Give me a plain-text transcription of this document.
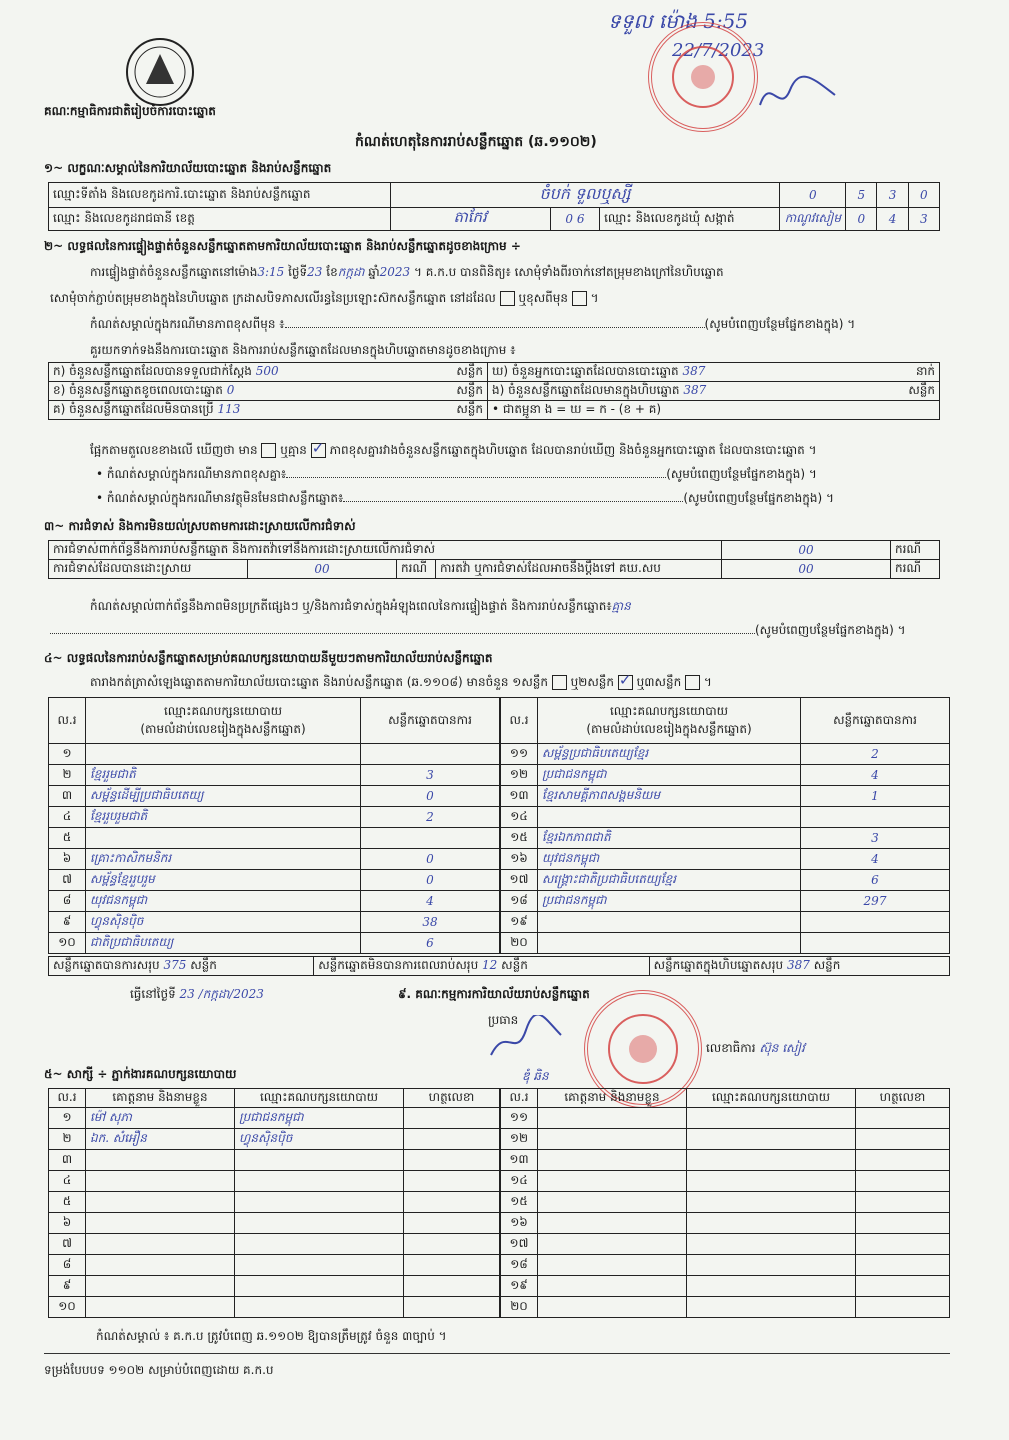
ទទួល ម៉ោង 5:55
22/7/2023
គណៈកម្មាធិការជាតិរៀបចំការបោះឆ្នោត
កំណត់ហេតុនៃការរាប់សន្លឹកឆ្នោត (ឆ.១១០២)
១~ លក្ខណៈសម្គាល់នៃការិយាល័យបោះឆ្នោត និងរាប់សន្លឹកឆ្នោត
ឈ្មោះទីតាំង និងលេខកូដការិ.បោះឆ្នោត និងរាប់សន្លឹកឆ្នោត	ចំបក់ ទួលឬស្សី			0	5	3	0
ឈ្មោះ និងលេខកូដរាជធានី ខេត្ត	តាកែវ	0 6	ឈ្មោះ និងលេខកូដឃុំ សង្កាត់	កាណូវសៀម	0	4	3
២~ លទ្ធផលនៃការផ្ទៀងផ្ទាត់ចំនួនសន្លឹកឆ្នោតតាមការិយាល័យបោះឆ្នោត និងរាប់សន្លឹកឆ្នោតដូចខាងក្រោម ÷
ការផ្ទៀងផ្ទាត់ចំនួនសន្លឹកឆ្នោតនៅម៉ោង3:15 ថ្ងៃទី23 ខែកក្កដា ឆ្នាំ2023 ។ គ.ក.ប បានពិនិត្យ៖ សោមុំទាំងពីរចាក់នៅតម្រុមខាងក្រៅនៃហិបឆ្នោត
សោមុំចាក់ភ្ជាប់តម្រុមខាងក្នុងនៃហិបឆ្នោត ក្រដាសបិទភាសលើរន្ធនៃប្រឡោះស៊កសន្លឹកឆ្នោត នៅដដែល ឬខុសពីមុន  ។
កំណត់សម្គាល់ក្នុងករណីមានភាពខុសពីមុន ៖	(សូមបំពេញបន្ថែមផ្នែកខាងក្នុង) ។
គួរយកទាក់ទងនឹងការបោះឆ្នោត និងការរាប់សន្លឹកឆ្នោតដែលមានក្នុងហិបឆ្នោតមានដូចខាងក្រោម ៖
ក) ចំនួនសន្លឹកឆ្នោតដែលបានទទួលជាក់ស្តែង 500 សន្លឹក	ឃ) ចំនួនអ្នកបោះឆ្នោតដែលបានបោះឆ្នោត 387 នាក់

ខ) ចំនួនសន្លឹកឆ្នោតខូចពេលបោះឆ្នោត 0 សន្លឹក	ង) ចំនួនសន្លឹកឆ្នោតដែលមានក្នុងហិបឆ្នោត 387 សន្លឹក

គ) ចំនួនសន្លឹកឆ្នោតដែលមិនបានប្រើ 113 សន្លឹក	• ជាតម្អូនា ង = ឃ = ក - (ខ + គ)
ផ្អែកតាមតួលេខខាងលើ ឃើញថា មាន ឬគ្មាន ✓ ភាពខុសគ្នារវាងចំនួនសន្លឹកឆ្នោតក្នុងហិបឆ្នោត ដែលបានរាប់ឃើញ និងចំនួនអ្នកបោះឆ្នោត ដែលបានបោះឆ្នោត ។
• កំណត់សម្គាល់ក្នុងករណីមានភាពខុសគ្នា៖	(សូមបំពេញបន្ថែមផ្នែកខាងក្នុង) ។
• កំណត់សម្គាល់ក្នុងករណីមានវត្ថុមិនមែនជាសន្លឹកឆ្នោត៖	(សូមបំពេញបន្ថែមផ្នែកខាងក្នុង) ។
៣~ ការជំទាស់ និងការមិនយល់ស្របតាមការដោះស្រាយលើការជំទាស់
ការជំទាស់ពាក់ព័ន្ធនឹងការរាប់សន្លឹកឆ្នោត និងការតវ៉ាទៅនឹងការដោះស្រាយលើការជំទាស់				00	ករណី
ការជំទាស់ដែលបានដោះស្រាយ	00	ករណី	ការតវ៉ា ឬការជំទាស់ដែលអាចនឹងប្តឹងទៅ គឃ.សប	00	ករណី
កំណត់សម្គាល់ពាក់ព័ន្ធនឹងភាពមិនប្រក្រតីផ្សេងៗ ឬ/និងការជំទាស់ក្នុងអំឡុងពេលនៃការផ្ទៀងផ្ទាត់ និងការរាប់សន្លឹកឆ្នោត៖គ្មាន
(សូមបំពេញបន្ថែមផ្នែកខាងក្នុង) ។
៤~ លទ្ធផលនៃការរាប់សន្លឹកឆ្នោតសម្រាប់គណបក្សនយោបាយនីមួយៗតាមការិយាល័យរាប់សន្លឹកឆ្នោត
តារាងកត់ត្រាសំឡេងឆ្នោតតាមការិយាល័យបោះឆ្នោត និងរាប់សន្លឹកឆ្នោត (ឆ.១១០៨) មានចំនួន ១សន្លឹក ឬ២សន្លឹក ✓ ឬ៣សន្លឹក  ។
ល.រ	ឈ្មោះគណបក្សនយោបាយ
(តាមលំដាប់លេខរៀងក្នុងសន្លឹកឆ្នោត)	សន្លឹកឆ្នោតបានការ
១		
២	ខ្មែររួមជាតិ	3
៣	សម្ព័ន្ធដើម្បីប្រជាធិបតេយ្យ	0
៤	ខ្មែររួបរួមជាតិ	2
៥		
៦	គ្រោះកាសិកមនិករ	0
៧	សម្ព័ន្ធខ្មែររួបរួម	0
៨	យុវជនកម្ពុជា	4
៩	ហ្វុនស៊ិនប៉ិច	38
១០	ជាតិប្រជាធិបតេយ្យ	6
ល.រ	ឈ្មោះគណបក្សនយោបាយ
(តាមលំដាប់លេខរៀងក្នុងសន្លឹកឆ្នោត)	សន្លឹកឆ្នោតបានការ
១១	សម្ព័ន្ធប្រជាធិបតេយ្យខ្មែរ	2
១២	ប្រជាជនកម្ពុជា	4
១៣	ខ្មែរសាមគ្គីភាពសង្គមនិយម	1
១៤		
១៥	ខ្មែរឯកភាពជាតិ	3
១៦	យុវជនកម្ពុជា	4
១៧	សង្គ្រោះជាតិប្រជាធិបតេយ្យខ្មែរ	6
១៨	ប្រជាជនកម្ពុជា	297
១៩		
២០		
សន្លឹកឆ្នោតបានការសរុប 375 សន្លឹក	សន្លឹកឆ្នោតមិនបានការពេលរាប់សរុប 12 សន្លឹក	សន្លឹកឆ្នោតក្នុងហិបឆ្នោតសរុប 387 សន្លឹក
ធ្វើនៅថ្ងៃទី 23 /កក្កដា/2023	៩. គណៈកម្មការការិយាល័យរាប់សន្លឹកឆ្នោត
ប្រធាន
ឌុំ ឆិន
លេខាធិការ ស៊ុន សៀវ
៥~ សាក្សី ÷ ភ្នាក់ងារគណបក្សនយោបាយ
ល.រ	គោត្តនាម និងនាមខ្លួន	ឈ្មោះគណបក្សនយោបាយ	ហត្ថលេខា
១	ម៉ៅ សុភា	ប្រជាជនកម្ពុជា	
២	ឯក. សំអឿន	ហ្វុនស៊ិនប៉ិច	
៣			
៤			
៥			
៦			
៧			
៨			
៩			
១០			
ល.រ	គោត្តនាម និងនាមខ្លួន	ឈ្មោះគណបក្សនយោបាយ	ហត្ថលេខា
១១			
១២			
១៣			
១៤			
១៥			
១៦			
១៧			
១៨			
១៩			
២០			
កំណត់សម្គាល់ ៖ គ.ក.ប ត្រូវបំពេញ ឆ.១១០២ ឱ្យបានត្រឹមត្រូវ ចំនួន ៣ច្បាប់ ។
ទម្រង់បែបបទ ១១០២ សម្រាប់បំពេញដោយ គ.ក.ប
